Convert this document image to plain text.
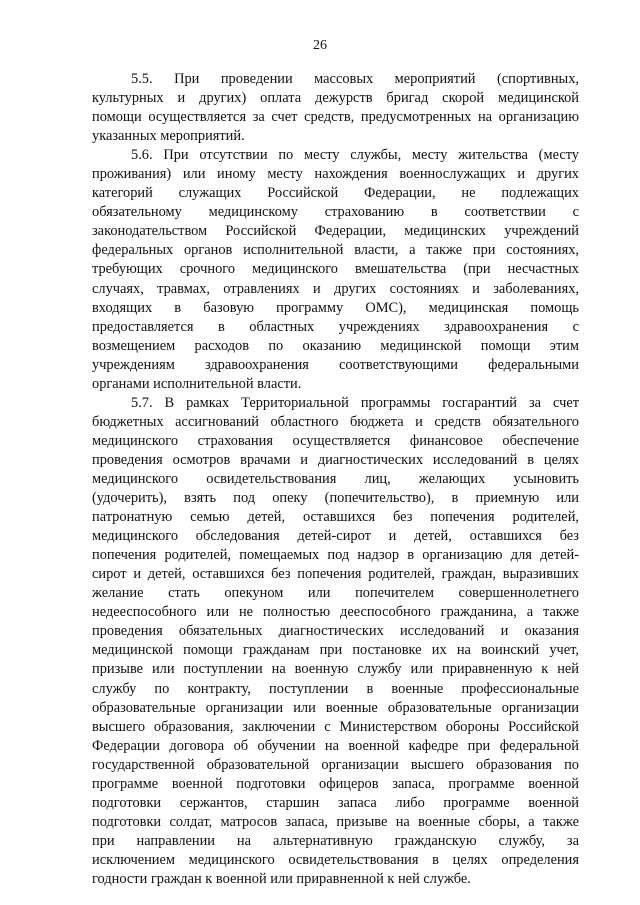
26
5.5. При проведении массовых мероприятий (спортивных,
культурных и других) оплата дежурств бригад скорой медицинской
помощи осуществляется за счет средств, предусмотренных на организацию
указанных мероприятий.
5.6. При отсутствии по месту службы, месту жительства (месту
проживания) или иному месту нахождения военнослужащих и других
категорий служащих Российской Федерации, не подлежащих
обязательному медицинскому страхованию в соответствии с
законодательством Российской Федерации, медицинских учреждений
федеральных органов исполнительной власти, а также при состояниях,
требующих срочного медицинского вмешательства (при несчастных
случаях, травмах, отравлениях и других состояниях и заболеваниях,
входящих в базовую программу ОМС), медицинская помощь
предоставляется в областных учреждениях здравоохранения с
возмещением расходов по оказанию медицинской помощи этим
учреждениям здравоохранения соответствующими федеральными
органами исполнительной власти.
5.7. В рамках Территориальной программы госгарантий за счет
бюджетных ассигнований областного бюджета и средств обязательного
медицинского страхования осуществляется финансовое обеспечение
проведения осмотров врачами и диагностических исследований в целях
медицинского освидетельствования лиц, желающих усыновить
(удочерить), взять под опеку (попечительство), в приемную или
патронатную семью детей, оставшихся без попечения родителей,
медицинского обследования детей-сирот и детей, оставшихся без
попечения родителей, помещаемых под надзор в организацию для детей-
сирот и детей, оставшихся без попечения родителей, граждан, выразивших
желание стать опекуном или попечителем совершеннолетнего
недееспособного или не полностью дееспособного гражданина, а также
проведения обязательных диагностических исследований и оказания
медицинской помощи гражданам при постановке их на воинский учет,
призыве или поступлении на военную службу или приравненную к ней
службу по контракту, поступлении в военные профессиональные
образовательные организации или военные образовательные организации
высшего образования, заключении с Министерством обороны Российской
Федерации договора об обучении на военной кафедре при федеральной
государственной образовательной организации высшего образования по
программе военной подготовки офицеров запаса, программе военной
подготовки сержантов, старшин запаса либо программе военной
подготовки солдат, матросов запаса, призыве на военные сборы, а также
при направлении на альтернативную гражданскую службу, за
исключением медицинского освидетельствования в целях определения
годности граждан к военной или приравненной к ней службе.
